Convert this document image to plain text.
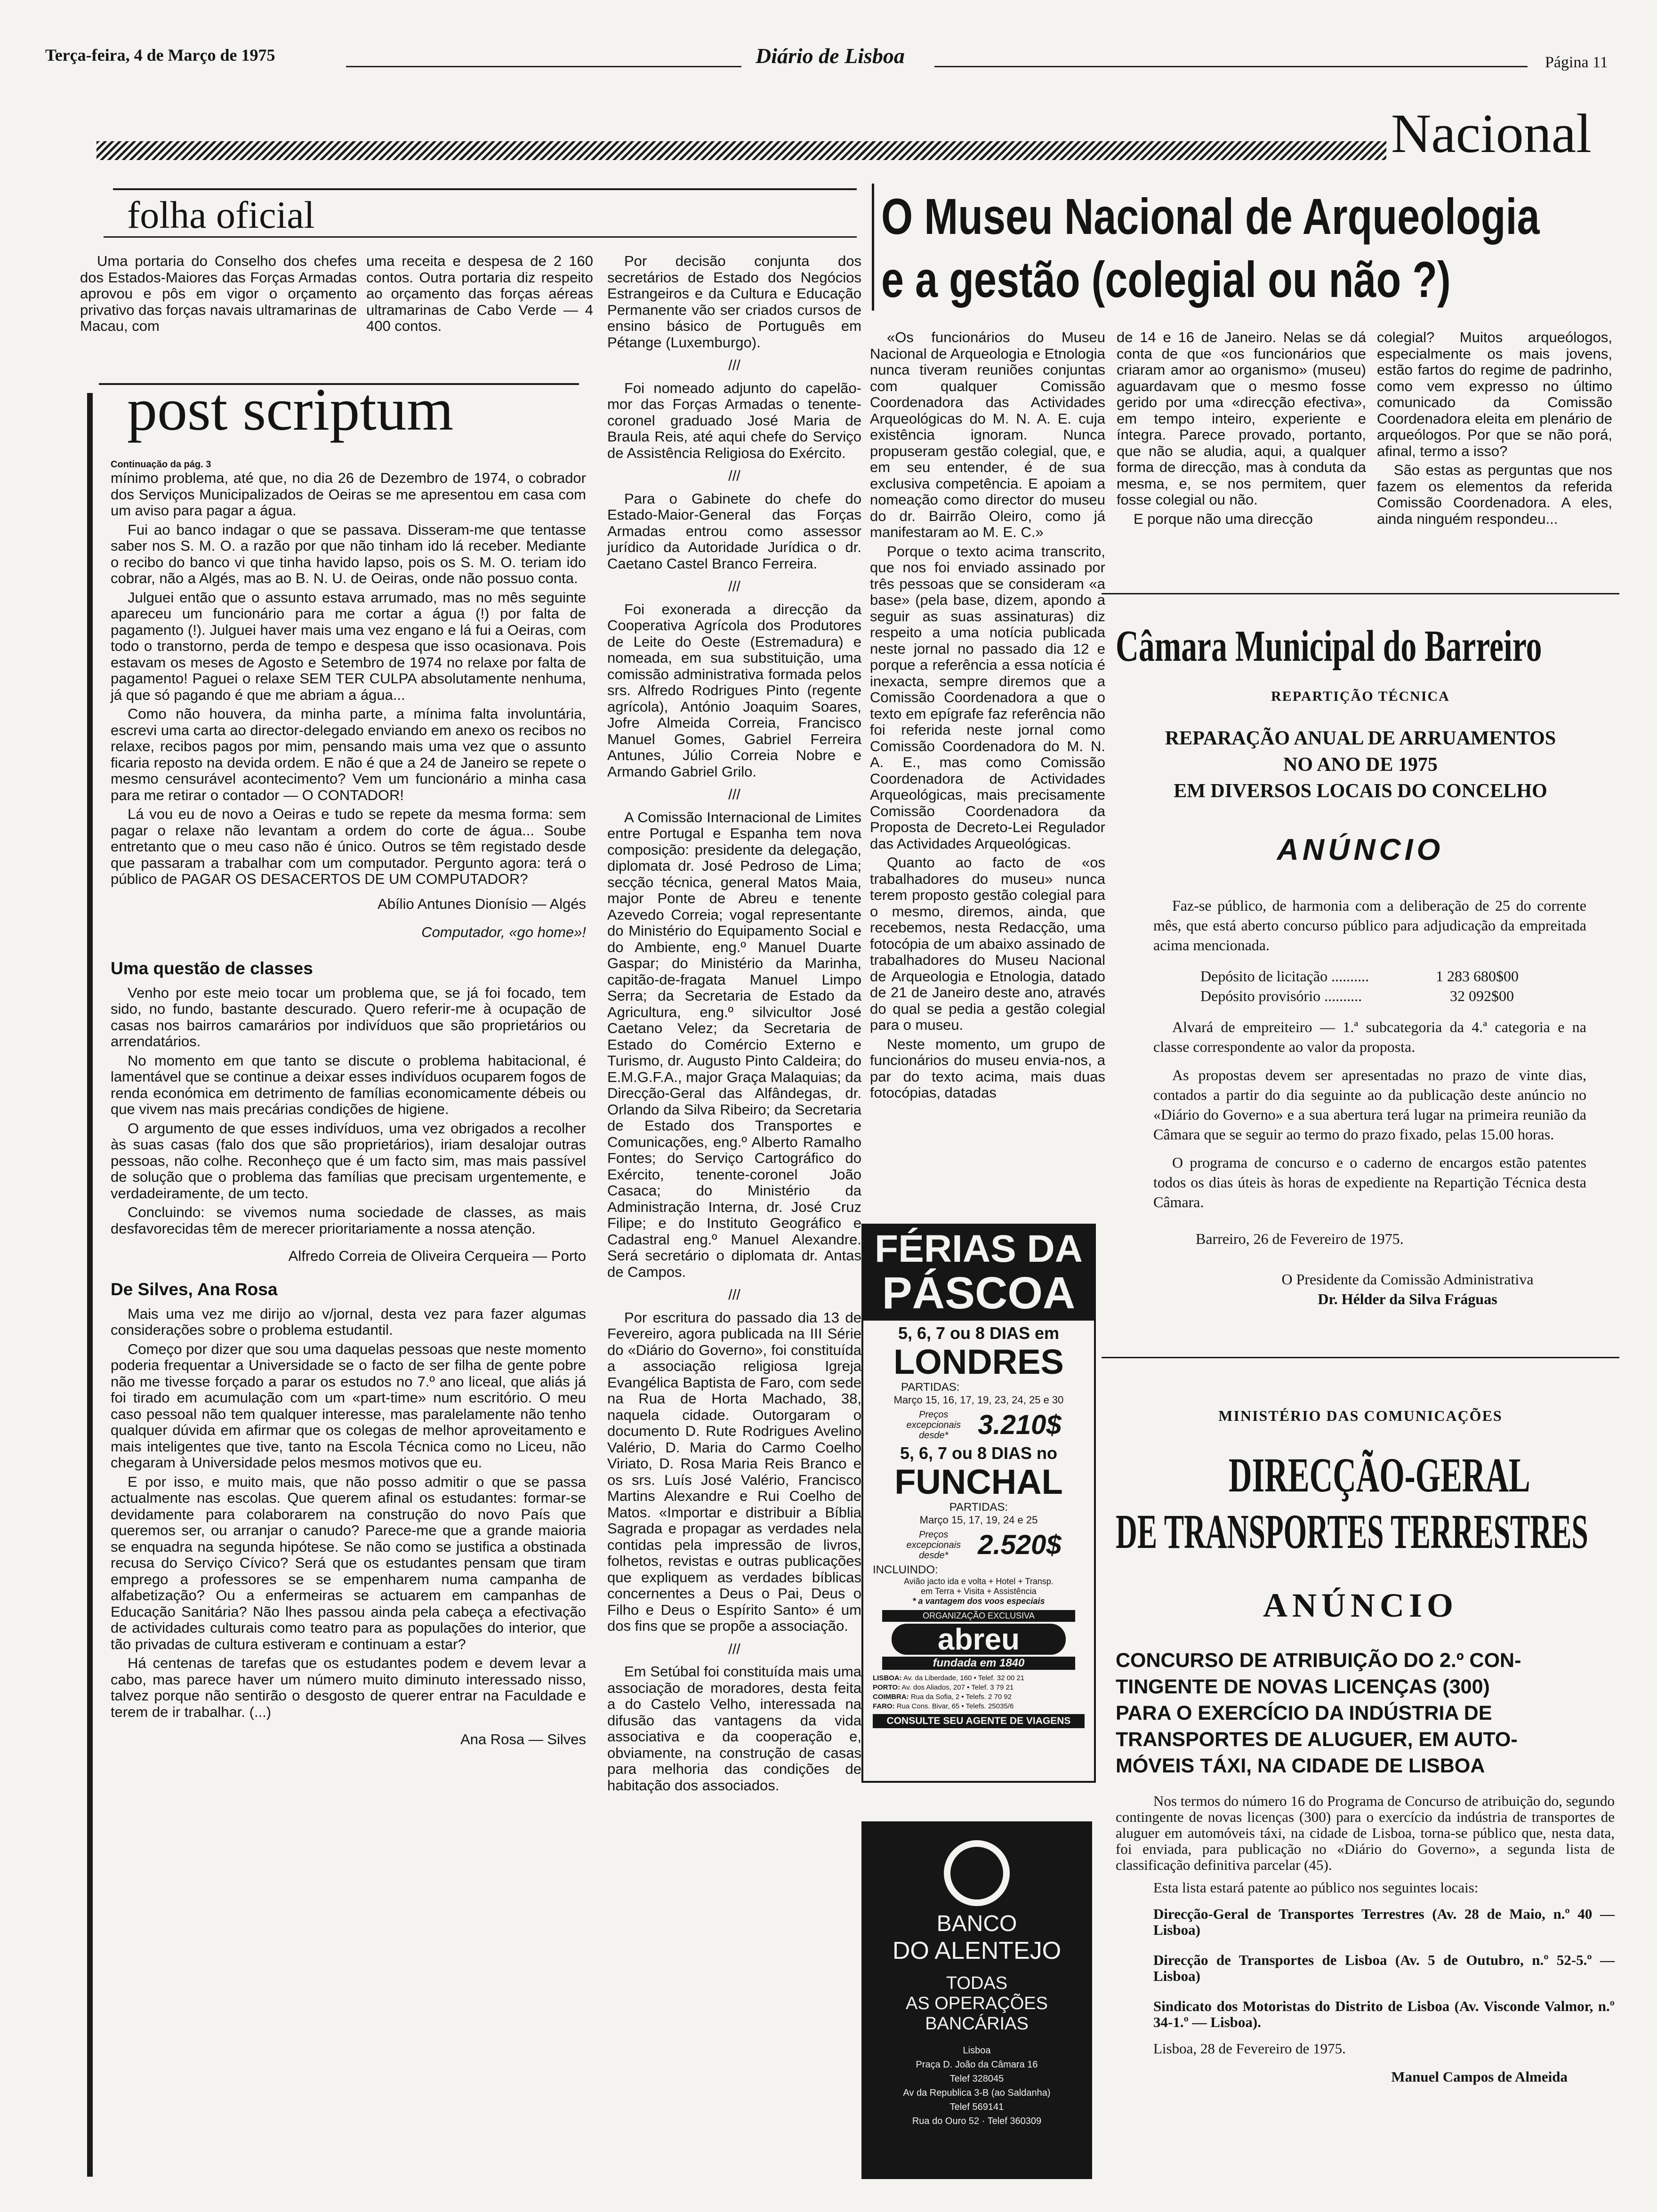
Terça-feira, 4 de Março de 1975	Diário de Lisboa	Página 11
Nacional
folha oficial

Uma portaria do Conselho dos chefes dos Estados-Maiores das Forças Armadas aprovou e pôs em vigor o orçamento privativo das forças navais ultramarinas de Macau, com

uma receita e despesa de 2 160 contos. Outra portaria diz respeito ao orçamento das forças aéreas ultramarinas de Cabo Verde — 4 400 contos.

Por decisão conjunta dos secretários de Estado dos Negócios Estrangeiros e da Cultura e Educação Permanente vão ser criados cursos de ensino básico de Português em Pétange (Luxemburgo).

///

Foi nomeado adjunto do capelão-mor das Forças Armadas o tenente-coronel graduado José Maria de Braula Reis, até aqui chefe do Serviço de Assistência Religiosa do Exército.

///

Para o Gabinete do chefe do Estado-Maior-General das Forças Armadas entrou como assessor jurídico da Autoridade Jurídica o dr. Caetano Castel Branco Ferreira.

///

Foi exonerada a direcção da Cooperativa Agrícola dos Produtores de Leite do Oeste (Estremadura) e nomeada, em sua substituição, uma comissão administrativa formada pelos srs. Alfredo Rodrigues Pinto (regente agrícola), António Joaquim Soares, Jofre Almeida Correia, Francisco Manuel Gomes, Gabriel Ferreira Antunes, Júlio Correia Nobre e Armando Gabriel Grilo.

///

A Comissão Internacional de Limites entre Portugal e Espanha tem nova composição: presidente da delegação, diplomata dr. José Pedroso de Lima; secção técnica, general Matos Maia, major Ponte de Abreu e tenente Azevedo Correia; vogal representante do Ministério do Equipamento Social e do Ambiente, eng.º Manuel Duarte Gaspar; do Ministério da Marinha, capitão-de-fragata Manuel Limpo Serra; da Secretaria de Estado da Agricultura, eng.º silvicultor José Caetano Velez; da Secretaria de Estado do Comércio Externo e Turismo, dr. Augusto Pinto Caldeira; do E.M.G.F.A., major Graça Malaquias; da Direcção-Geral das Alfândegas, dr. Orlando da Silva Ribeiro; da Secretaria de Estado dos Transportes e Comunicações, eng.º Alberto Ramalho Fontes; do Serviço Cartográfico do Exército, tenente-coronel João Casaca; do Ministério da Administração Interna, dr. José Cruz Filipe; e do Instituto Geográfico e Cadastral eng.º Manuel Alexandre. Será secretário o diplomata dr. Antas de Campos.

///

Por escritura do passado dia 13 de Fevereiro, agora publicada na III Série do «Diário do Governo», foi constituída a associação religiosa Igreja Evangélica Baptista de Faro, com sede na Rua de Horta Machado, 38, naquela cidade. Outorgaram o documento D. Rute Rodrigues Avelino Valério, D. Maria do Carmo Coelho Viriato, D. Rosa Maria Reis Branco e os srs. Luís José Valério, Francisco Martins Alexandre e Rui Coelho de Matos. «Importar e distribuir a Bíblia Sagrada e propagar as verdades nela contidas pela impressão de livros, folhetos, revistas e outras publicações que expliquem as verdades bíblicas concernentes a Deus o Pai, Deus o Filho e Deus o Espírito Santo» é um dos fins que se propõe a associação.

///

Em Setúbal foi constituída mais uma associação de moradores, desta feita a do Castelo Velho, interessada na difusão das vantagens da vida associativa e da cooperação e, obviamente, na construção de casas para melhoria das condições de habitação dos associados.

post scriptum
Continuação da pág. 3

mínimo problema, até que, no dia 26 de Dezembro de 1974, o cobrador dos Serviços Municipalizados de Oeiras se me apresentou em casa com um aviso para pagar a água.

Fui ao banco indagar o que se passava. Disseram-me que tentasse saber nos S. M. O. a razão por que não tinham ido lá receber. Mediante o recibo do banco vi que tinha havido lapso, pois os S. M. O. teriam ido cobrar, não a Algés, mas ao B. N. U. de Oeiras, onde não possuo conta.

Julguei então que o assunto estava arrumado, mas no mês seguinte apareceu um funcionário para me cortar a água (!) por falta de pagamento (!). Julguei haver mais uma vez engano e lá fui a Oeiras, com todo o transtorno, perda de tempo e despesa que isso ocasionava. Pois estavam os meses de Agosto e Setembro de 1974 no relaxe por falta de pagamento! Paguei o relaxe SEM TER CULPA absolutamente nenhuma, já que só pagando é que me abriam a água...

Como não houvera, da minha parte, a mínima falta involuntária, escrevi uma carta ao director-delegado enviando em anexo os recibos no relaxe, recibos pagos por mim, pensando mais uma vez que o assunto ficaria reposto na devida ordem. E não é que a 24 de Janeiro se repete o mesmo censurável acontecimento? Vem um funcionário a minha casa para me retirar o contador — O CONTADOR!

Lá vou eu de novo a Oeiras e tudo se repete da mesma forma: sem pagar o relaxe não levantam a ordem do corte de água... Soube entretanto que o meu caso não é único. Outros se têm registado desde que passaram a trabalhar com um computador. Pergunto agora: terá o público de PAGAR OS DESACERTOS DE UM COMPUTADOR?

Abílio Antunes Dionísio — Algés
Computador, «go home»!
Uma questão de classes

Venho por este meio tocar um problema que, se já foi focado, tem sido, no fundo, bastante descurado. Quero referir-me à ocupação de casas nos bairros camarários por indivíduos que são proprietários ou arrendatários.

No momento em que tanto se discute o problema habitacional, é lamentável que se continue a deixar esses indivíduos ocuparem fogos de renda económica em detrimento de famílias economicamente débeis ou que vivem nas mais precárias condições de higiene.

O argumento de que esses indivíduos, uma vez obrigados a recolher às suas casas (falo dos que são proprietários), iriam desalojar outras pessoas, não colhe. Reconheço que é um facto sim, mas mais passível de solução que o problema das famílias que precisam urgentemente, e verdadeiramente, de um tecto.

Concluindo: se vivemos numa sociedade de classes, as mais desfavorecidas têm de merecer prioritariamente a nossa atenção.

Alfredo Correia de Oliveira Cerqueira — Porto
De Silves, Ana Rosa

Mais uma vez me dirijo ao v/jornal, desta vez para fazer algumas considerações sobre o problema estudantil.

Começo por dizer que sou uma daquelas pessoas que neste momento poderia frequentar a Universidade se o facto de ser filha de gente pobre não me tivesse forçado a parar os estudos no 7.º ano liceal, que aliás já foi tirado em acumulação com um «part-time» num escritório. O meu caso pessoal não tem qualquer interesse, mas paralelamente não tenho qualquer dúvida em afirmar que os colegas de melhor aproveitamento e mais inteligentes que tive, tanto na Escola Técnica como no Liceu, não chegaram à Universidade pelos mesmos motivos que eu.

E por isso, e muito mais, que não posso admitir o que se passa actualmente nas escolas. Que querem afinal os estudantes: formar-se devidamente para colaborarem na construção do novo País que queremos ser, ou arranjar o canudo? Parece-me que a grande maioria se enquadra na segunda hipótese. Se não como se justifica a obstinada recusa do Serviço Cívico? Será que os estudantes pensam que tiram emprego a professores se se empenharem numa campanha de alfabetização? Ou a enfermeiras se actuarem em campanhas de Educação Sanitária? Não lhes passou ainda pela cabeça a efectivação de actividades culturais como teatro para as populações do interior, que tão privadas de cultura estiveram e continuam a estar?

Há centenas de tarefas que os estudantes podem e devem levar a cabo, mas parece haver um número muito diminuto interessado nisso, talvez porque não sentirão o desgosto de querer entrar na Faculdade e terem de ir trabalhar. (...)

Ana Rosa — Silves
O Museu Nacional de Arqueologia
e a gestão (colegial ou não ?)

«Os funcionários do Museu Nacional de Arqueologia e Etnologia nunca tiveram reuniões conjuntas com qualquer Comissão Coordenadora das Actividades Arqueológicas do M. N. A. E. cuja existência ignoram. Nunca propuseram gestão colegial, que, e em seu entender, é de sua exclusiva competência. E apoiam a nomeação como director do museu do dr. Bairrão Oleiro, como já manifestaram ao M. E. C.»

Porque o texto acima transcrito, que nos foi enviado assinado por três pessoas que se consideram «a base» (pela base, dizem, apondo a seguir as suas assinaturas) diz respeito a uma notícia publicada neste jornal no passado dia 12 e porque a referência a essa notícia é inexacta, sempre diremos que a Comissão Coordenadora a que o texto em epígrafe faz referência não foi referida neste jornal como Comissão Coordenadora do M. N. A. E., mas como Comissão Coordenadora de Actividades Arqueológicas, mais precisamente Comissão Coordenadora da Proposta de Decreto-Lei Regulador das Actividades Arqueológicas.

Quanto ao facto de «os trabalhadores do museu» nunca terem proposto gestão colegial para o mesmo, diremos, ainda, que recebemos, nesta Redacção, uma fotocópia de um abaixo assinado de trabalhadores do Museu Nacional de Arqueologia e Etnologia, datado de 21 de Janeiro deste ano, através do qual se pedia a gestão colegial para o museu.

Neste momento, um grupo de funcionários do museu envia-nos, a par do texto acima, mais duas fotocópias, datadas

de 14 e 16 de Janeiro. Nelas se dá conta de que «os funcionários que criaram amor ao organismo» (museu) aguardavam que o mesmo fosse gerido por uma «direcção efectiva», em tempo inteiro, experiente e íntegra. Parece provado, portanto, que não se aludia, aqui, a qualquer forma de direcção, mas à conduta da mesma, e, se nos permitem, quer fosse colegial ou não.

E porque não uma direcção

colegial? Muitos arqueólogos, especialmente os mais jovens, estão fartos do regime de padrinho, como vem expresso no último comunicado da Comissão Coordenadora eleita em plenário de arqueólogos. Por que se não porá, afinal, termo a isso?

São estas as perguntas que nos fazem os elementos da referida Comissão Coordenadora. A eles, ainda ninguém respondeu...

FÉRIAS DA
PÁSCOA
5, 6, 7 ou 8 DIAS em
LONDRES
PARTIDAS:
Março 15, 16, 17, 19, 23, 24, 25 e 30
Preços excepcionais desde*	3.210$
5, 6, 7 ou 8 DIAS no
FUNCHAL
PARTIDAS:
Março 15, 17, 19, 24 e 25
Preços excepcionais desde*	2.520$
INCLUINDO:
Avião jacto ida e volta + Hotel + Transp.
em Terra + Visita + Assistência
* a vantagem dos voos especiais
ORGANIZAÇÃO EXCLUSIVA
abreu
fundada em 1840
LISBOA: Av. da Liberdade, 160 • Telef. 32 00 21
PORTO: Av. dos Aliados, 207 • Telef. 3 79 21
COIMBRA: Rua da Sofia, 2 • Telefs. 2 70 92
FARO: Rua Cons. Bivar, 65 • Telefs. 25035/6
CONSULTE SEU AGENTE DE VIAGENS
BANCO
DO ALENTEJO
TODAS
AS OPERAÇÕES
BANCÁRIAS
Lisboa
Praça D. João da Câmara 16
Telef 328045
Av da Republica 3-B (ao Saldanha)
Telef 569141
Rua do Ouro 52 · Telef 360309
Câmara Municipal do Barreiro
REPARTIÇÃO TÉCNICA
REPARAÇÃO ANUAL DE ARRUAMENTOS
NO ANO DE 1975
EM DIVERSOS LOCAIS DO CONCELHO
ANÚNCIO

Faz-se público, de harmonia com a deliberação de 25 do corrente mês, que está aberto concurso público para adjudicação da empreitada acima mencionada.

Depósito de licitação ..........	1 283 680$00
Depósito provisório ..........	32 092$00

Alvará de empreiteiro — 1.ª subcategoria da 4.ª categoria e na classe correspondente ao valor da proposta.

As propostas devem ser apresentadas no prazo de vinte dias, contados a partir do dia seguinte ao da publicação deste anúncio no «Diário do Governo» e a sua abertura terá lugar na primeira reunião da Câmara que se seguir ao termo do prazo fixado, pelas 15.00 horas.

O programa de concurso e o caderno de encargos estão patentes todos os dias úteis às horas de expediente na Repartição Técnica desta Câmara.

Barreiro, 26 de Fevereiro de 1975.
O Presidente da Comissão Administrativa
Dr. Hélder da Silva Fráguas
MINISTÉRIO DAS COMUNICAÇÕES
DIRECÇÃO-GERAL
DE TRANSPORTES TERRESTRES
ANÚNCIO
CONCURSO DE ATRIBUIÇÃO DO 2.º CON-
TINGENTE DE NOVAS LICENÇAS (300)
PARA O EXERCÍCIO DA INDÚSTRIA DE
TRANSPORTES DE ALUGUER, EM AUTO-
MÓVEIS TÁXI, NA CIDADE DE LISBOA

Nos termos do número 16 do Programa de Concurso de atribuição do, segundo contingente de novas licenças (300) para o exercício da indústria de transportes de aluguer em automóveis táxi, na cidade de Lisboa, torna-se público que, nesta data, foi enviada, para publicação no «Diário do Governo», a segunda lista de classificação definitiva parcelar (45).

Esta lista estará patente ao público nos seguintes locais:

Direcção-Geral de Transportes Terrestres (Av. 28 de Maio, n.º 40 — Lisboa)

Direcção de Transportes de Lisboa (Av. 5 de Outubro, n.º 52-5.º — Lisboa)

Sindicato dos Motoristas do Distrito de Lisboa (Av. Visconde Valmor, n.º 34-1.º — Lisboa).

Lisboa, 28 de Fevereiro de 1975.
Manuel Campos de Almeida
